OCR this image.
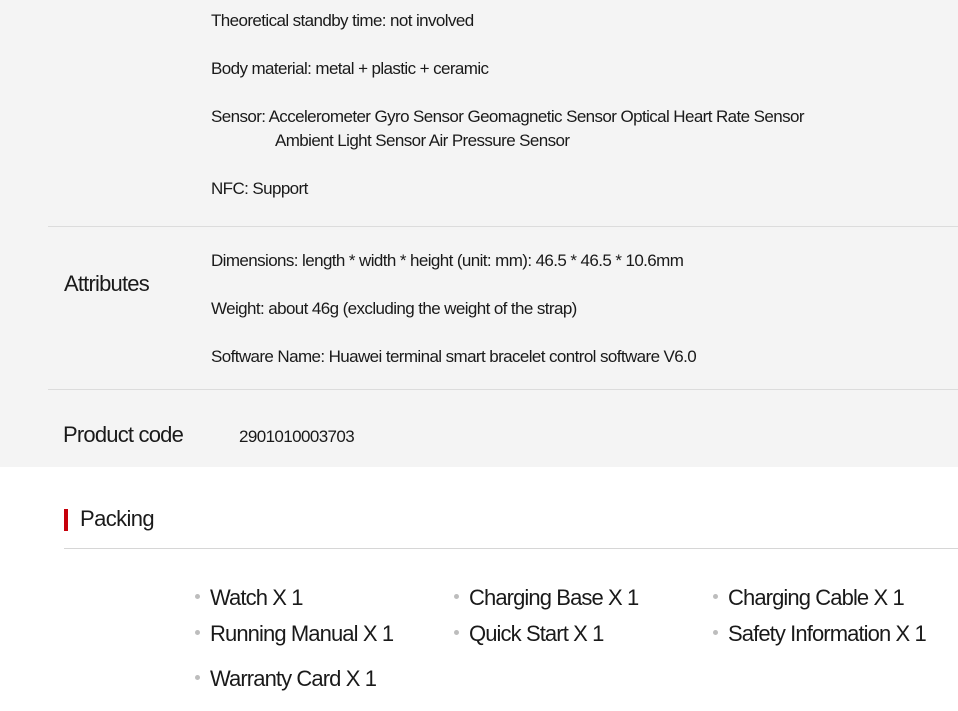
Theoretical standby time: not involved
Body material: metal + plastic + ceramic
Sensor: Accelerometer Gyro Sensor Geomagnetic Sensor Optical Heart Rate Sensor
Ambient Light Sensor Air Pressure Sensor
NFC: Support
Attributes
Dimensions: length * width * height (unit: mm): 46.5 * 46.5 * 10.6mm
Weight: about 46g (excluding the weight of the strap)
Software Name: Huawei terminal smart bracelet control software V6.0
Product code	2901010003703
Packing
Watch X 1	Charging Base X 1	Charging Cable X 1
Running Manual X 1	Quick Start X 1	Safety Information X 1
Warranty Card X 1
